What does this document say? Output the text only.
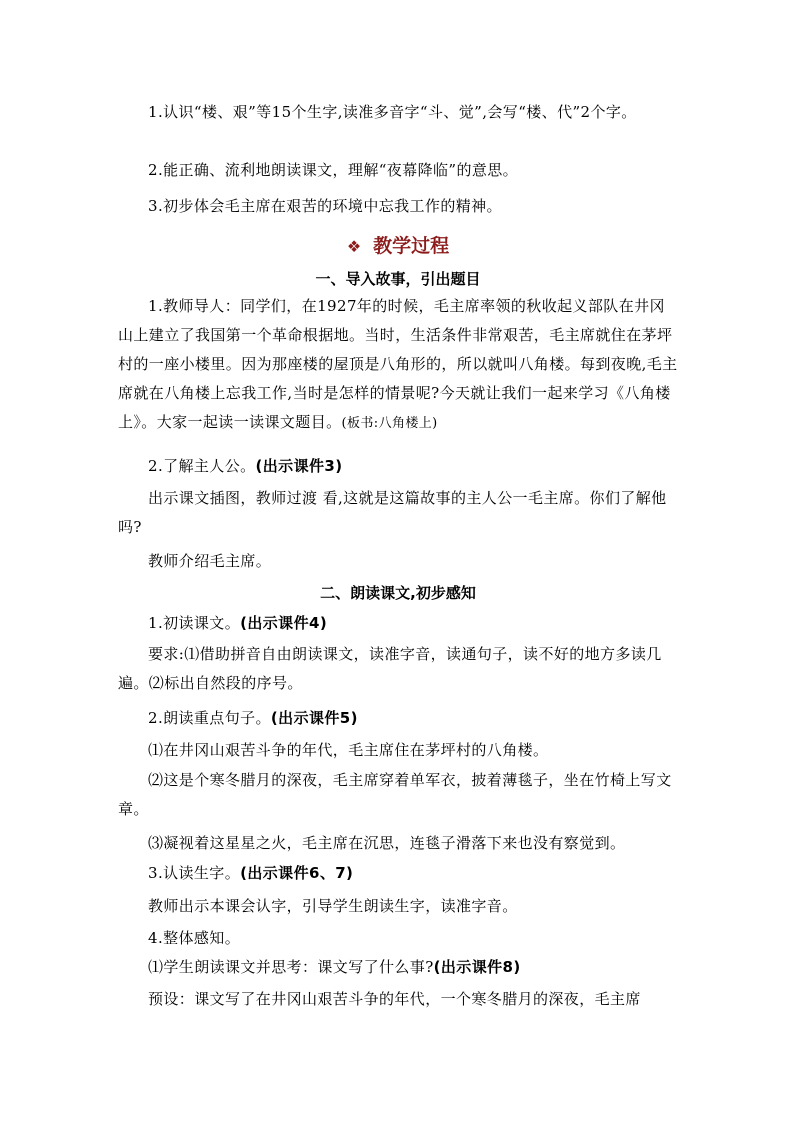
1.认识“楼、艰”等15个生字,读准多音字“斗、觉”,会写“楼、代”2个字。
2.能正确、流利地朗读课文，理解“夜幕降临”的意思。
3.初步体会毛主席在艰苦的环境中忘我工作的精神。
❖ 教学过程
一、导入故事，引出题目
1.教师导人：同学们，在1927年的时候，毛主席率领的秋收起义部队在井冈山上建立了我国第一个革命根据地。当时，生活条件非常艰苦，毛主席就住在茅坪村的一座小楼里。因为那座楼的屋顶是八角形的，所以就叫八角楼。每到夜晚,毛主席就在八角楼上忘我工作,当时是怎样的情景呢?今天就让我们一起来学习《八角楼上》。大家一起读一读课文题目。(板书:八角楼上)
2.了解主人公。(出示课件3)
出示课文插图，教师过渡 看,这就是这篇故事的主人公一毛主席。你们了解他吗?
教师介绍毛主席。
二、朗读课文,初步感知
1.初读课文。(出示课件4)
要求:⑴借助拼音自由朗读课文，读准字音，读通句子，读不好的地方多读几遍。⑵标出自然段的序号。
2.朗读重点句子。(出示课件5)
⑴在井冈山艰苦斗争的年代，毛主席住在茅坪村的八角楼。
⑵这是个寒冬腊月的深夜，毛主席穿着单军衣，披着薄毯子，坐在竹椅上写文章。
⑶凝视着这星星之火，毛主席在沉思，连毯子滑落下来也没有察觉到。
3.认读生字。(出示课件6、7)
教师出示本课会认字，引导学生朗读生字，读准字音。
4.整体感知。
⑴学生朗读课文并思考：课文写了什么事?(出示课件8)
预设：课文写了在井冈山艰苦斗争的年代，一个寒冬腊月的深夜，毛主席
